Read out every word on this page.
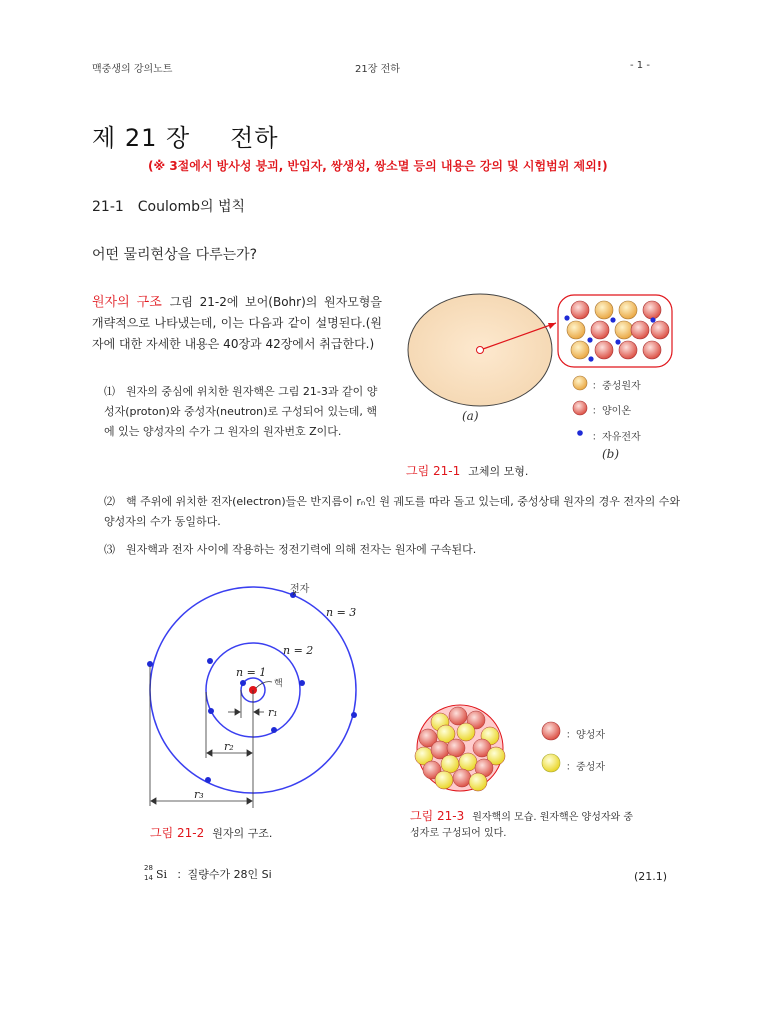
맥중생의 강의노트	21장 전하	- 1 -
제 21 장 전하
(※ 3절에서 방사성 붕괴, 반입자, 쌍생성, 쌍소멸 등의 내용은 강의 및 시험범위 제외!)
21-1　Coulomb의 법칙
어떤 물리현상을 다루는가?
원자의 구조 그림 21-2에 보어(Bohr)의 원자모형을 개략적으로 나타냈는데, 이는 다음과 같이 설명된다.(원자에 대한 자세한 내용은 40장과 42장에서 취급한다.)
⑴ 원자의 중심에 위치한 원자핵은 그림 21-3과 같이 양성자(proton)와 중성자(neutron)로 구성되어 있는데, 핵에 있는 양성자의 수가 그 원자의 원자번호 Z이다.
⑵ 핵 주위에 위치한 전자(electron)들은 반지름이 rₙ인 원 궤도를 따라 돌고 있는데, 중성상태 원자의 경우 전자의 수와 양성자의 수가 동일하다.
⑶ 원자핵과 전자 사이에 작용하는 정전기력에 의해 전자는 원자에 구속된다.
(a)
(b)
：중성원자
：양이온
：자유전자
그림 21-1 고체의 모형.
전자
n = 3
n = 2
n = 1
핵
r₁
r₂
r₃
그림 21-2 원자의 구조.
：양성자
：중성자
그림 21-3 원자핵의 모습. 원자핵은 양성자와 중성자로 구성되어 있다.
28
14 Si ：질량수가 28인 Si	(21.1)
